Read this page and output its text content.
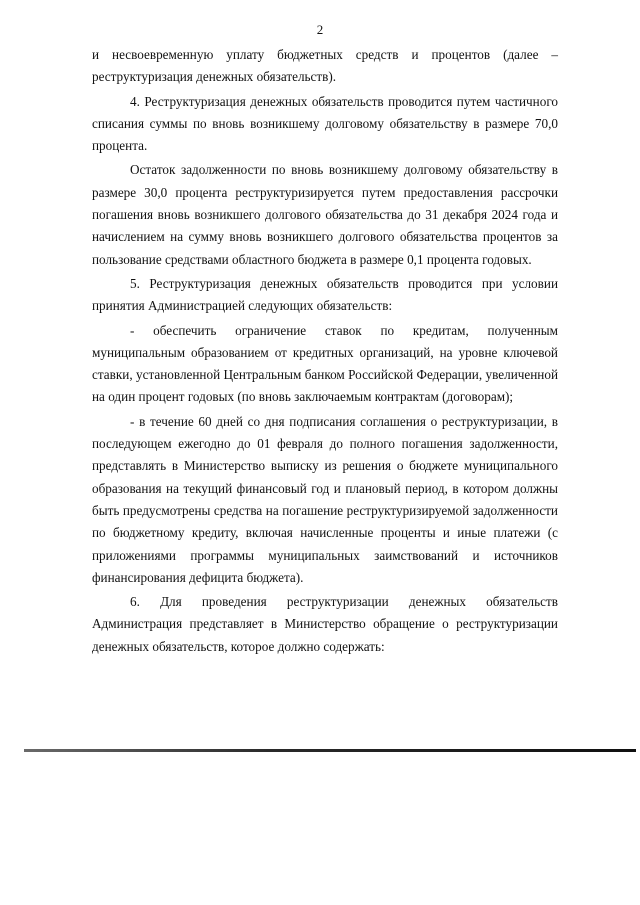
2

и несвоевременную уплату бюджетных средств и процентов (далее – реструктуризация денежных обязательств).

4. Реструктуризация денежных обязательств проводится путем частичного списания суммы по вновь возникшему долговому обязательству в размере 70,0 процента.

Остаток задолженности по вновь возникшему долговому обязательству в размере 30,0 процента реструктуризируется путем предоставления рассрочки погашения вновь возникшего долгового обязательства до 31 декабря 2024 года и начислением на сумму вновь возникшего долгового обязательства процентов за пользование средствами областного бюджета в размере 0,1 процента годовых.

5. Реструктуризация денежных обязательств проводится при условии принятия Администрацией следующих обязательств:

- обеспечить ограничение ставок по кредитам, полученным муниципальным образованием от кредитных организаций, на уровне ключевой ставки, установленной Центральным банком Российской Федерации, увеличенной на один процент годовых (по вновь заключаемым контрактам (договорам);

- в течение 60 дней со дня подписания соглашения о реструктуризации, в последующем ежегодно до 01 февраля до полного погашения задолженности, представлять в Министерство выписку из решения о бюджете муниципального образования на текущий финансовый год и плановый период, в котором должны быть предусмотрены средства на погашение реструктуризируемой задолженности по бюджетному кредиту, включая начисленные проценты и иные платежи (с приложениями программы муниципальных заимствований и источников финансирования дефицита бюджета).

6. Для проведения реструктуризации денежных обязательств Администрация представляет в Министерство обращение о реструктуризации денежных обязательств, которое должно содержать:
